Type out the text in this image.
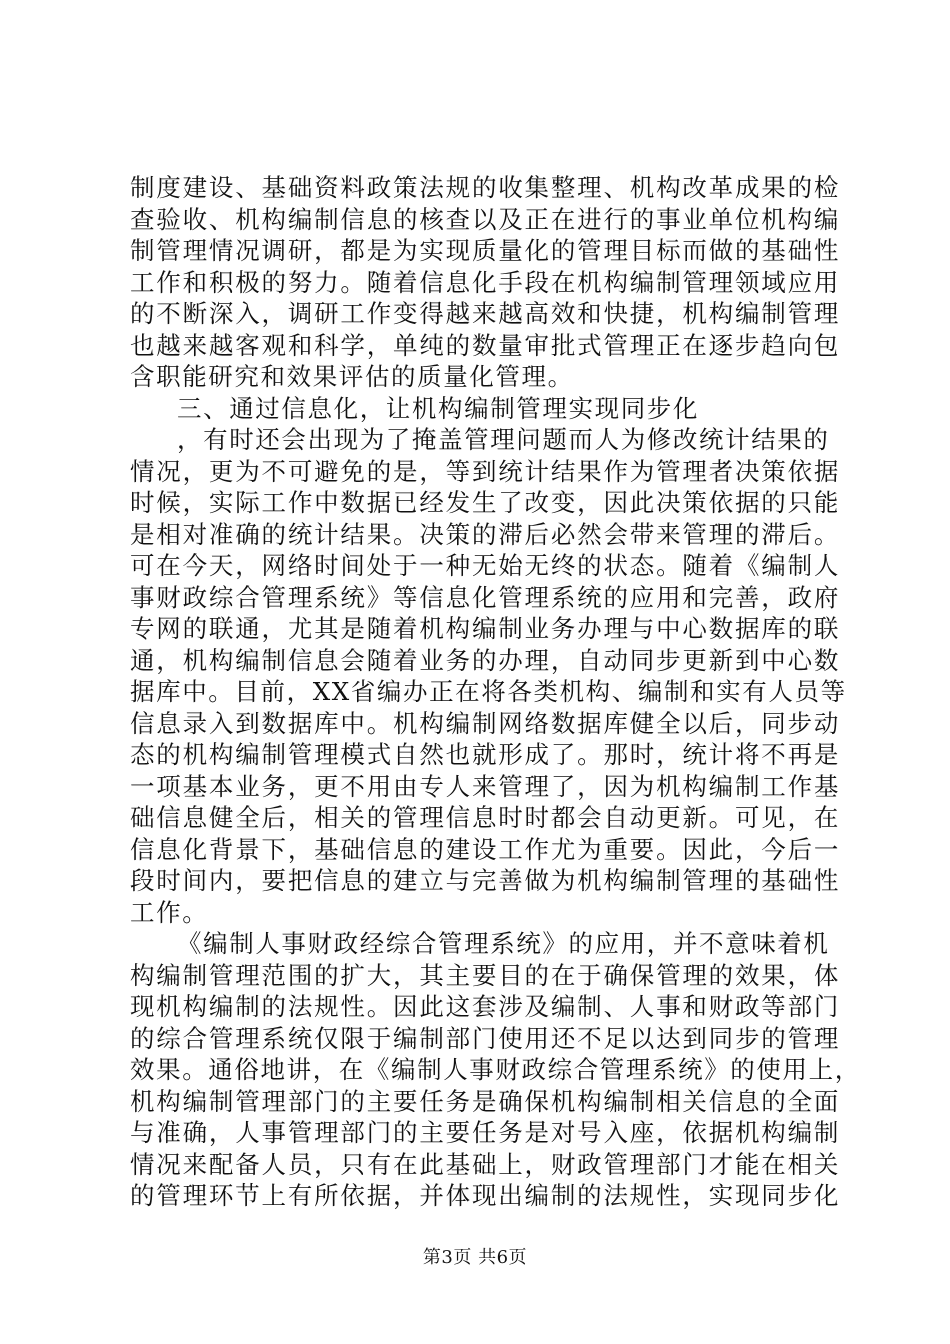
制度建设、基础资料政策法规的收集整理、机构改革成果的检
查验收、机构编制信息的核查以及正在进行的事业单位机构编
制管理情况调研，都是为实现质量化的管理目标而做的基础性
工作和积极的努力。随着信息化手段在机构编制管理领域应用
的不断深入，调研工作变得越来越高效和快捷，机构编制管理
也越来越客观和科学，单纯的数量审批式管理正在逐步趋向包
含职能研究和效果评估的质量化管理。
三、通过信息化，让机构编制管理实现同步化
，有时还会出现为了掩盖管理问题而人为修改统计结果的
情况，更为不可避免的是，等到统计结果作为管理者决策依据
时候，实际工作中数据已经发生了改变，因此决策依据的只能
是相对准确的统计结果。决策的滞后必然会带来管理的滞后。
可在今天，网络时间处于一种无始无终的状态。随着《编制人
事财政综合管理系统》等信息化管理系统的应用和完善，政府
专网的联通，尤其是随着机构编制业务办理与中心数据库的联
通，机构编制信息会随着业务的办理，自动同步更新到中心数
据库中。目前，XX省编办正在将各类机构、编制和实有人员等
信息录入到数据库中。机构编制网络数据库健全以后，同步动
态的机构编制管理模式自然也就形成了。那时，统计将不再是
一项基本业务，更不用由专人来管理了，因为机构编制工作基
础信息健全后，相关的管理信息时时都会自动更新。可见，在
信息化背景下，基础信息的建设工作尤为重要。因此，今后一
段时间内，要把信息的建立与完善做为机构编制管理的基础性
工作。
《编制人事财政经综合管理系统》的应用，并不意味着机
构编制管理范围的扩大，其主要目的在于确保管理的效果，体
现机构编制的法规性。因此这套涉及编制、人事和财政等部门
的综合管理系统仅限于编制部门使用还不足以达到同步的管理
效果。通俗地讲，在《编制人事财政综合管理系统》的使用上，
机构编制管理部门的主要任务是确保机构编制相关信息的全面
与准确，人事管理部门的主要任务是对号入座，依据机构编制
情况来配备人员，只有在此基础上，财政管理部门才能在相关
的管理环节上有所依据，并体现出编制的法规性，实现同步化
第3页 共6页
